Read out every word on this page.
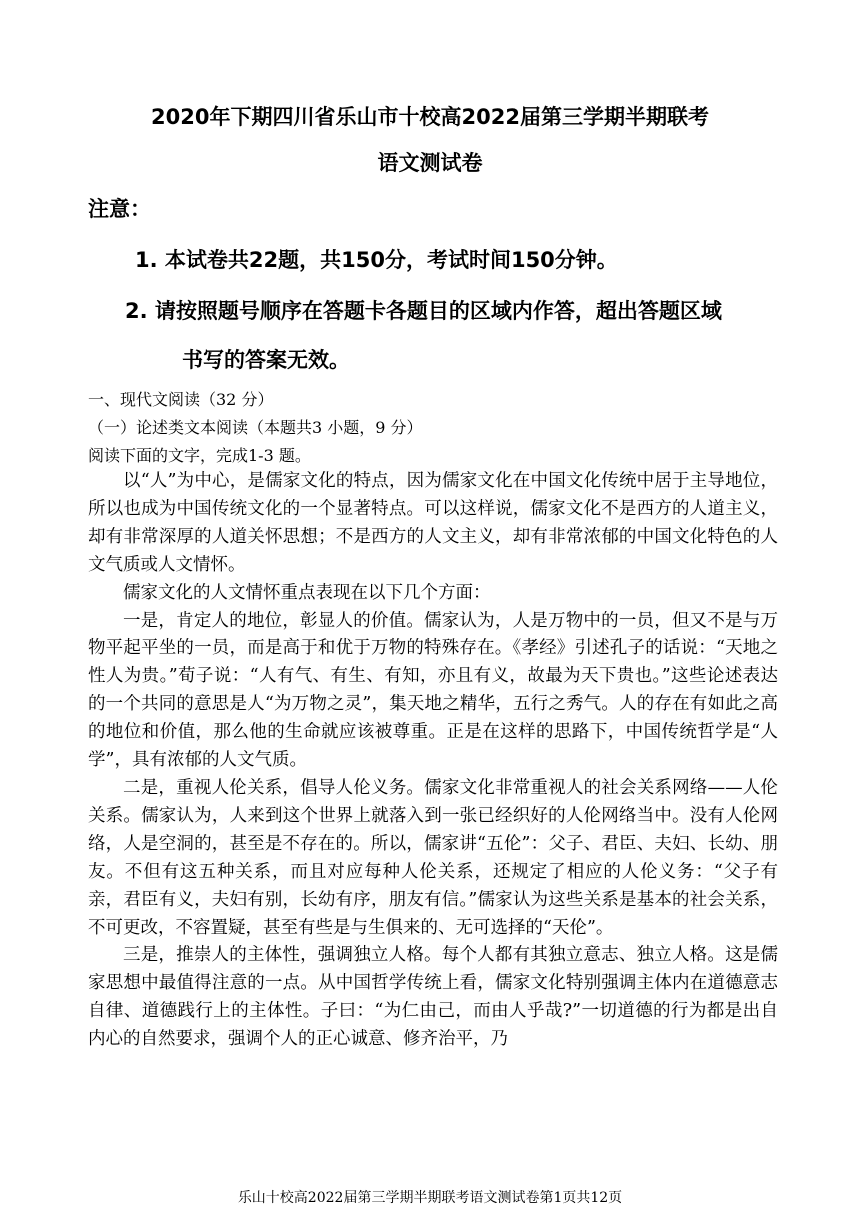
2020年下期四川省乐山市十校高2022届第三学期半期联考
语文测试卷
注意：
1. 本试卷共22题，共150分，考试时间150分钟。
2. 请按照题号顺序在答题卡各题目的区域内作答，超出答题区域
书写的答案无效。
一、现代文阅读（32 分）
（一）论述类文本阅读（本题共3 小题，9 分）
阅读下面的文字，完成1-3 题。

以“人”为中心，是儒家文化的特点，因为儒家文化在中国文化传统中居于主导地位，所以也成为中国传统文化的一个显著特点。可以这样说，儒家文化不是西方的人道主义，却有非常深厚的人道关怀思想；不是西方的人文主义，却有非常浓郁的中国文化特色的人文气质或人文情怀。

儒家文化的人文情怀重点表现在以下几个方面：

一是，肯定人的地位，彰显人的价值。儒家认为，人是万物中的一员，但又不是与万物平起平坐的一员，而是高于和优于万物的特殊存在。《孝经》引述孔子的话说：“天地之性人为贵。”荀子说：“人有气、有生、有知，亦且有义，故最为天下贵也。”这些论述表达的一个共同的意思是人“为万物之灵”，集天地之精华，五行之秀气。人的存在有如此之高的地位和价值，那么他的生命就应该被尊重。正是在这样的思路下，中国传统哲学是“人学”，具有浓郁的人文气质。

二是，重视人伦关系，倡导人伦义务。儒家文化非常重视人的社会关系网络——人伦关系。儒家认为，人来到这个世界上就落入到一张已经织好的人伦网络当中。没有人伦网络，人是空洞的，甚至是不存在的。所以，儒家讲“五伦”：父子、君臣、夫妇、长幼、朋友。不但有这五种关系，而且对应每种人伦关系，还规定了相应的人伦义务：“父子有亲，君臣有义，夫妇有别，长幼有序，朋友有信。”儒家认为这些关系是基本的社会关系，不可更改，不容置疑，甚至有些是与生俱来的、无可选择的“天伦”。

三是，推崇人的主体性，强调独立人格。每个人都有其独立意志、独立人格。这是儒家思想中最值得注意的一点。从中国哲学传统上看，儒家文化特别强调主体内在道德意志自律、道德践行上的主体性。子曰：“为仁由己，而由人乎哉?”一切道德的行为都是出自内心的自然要求，强调个人的正心诚意、修齐治平，乃

乐山十校高2022届第三学期半期联考语文测试卷第1页共12页
